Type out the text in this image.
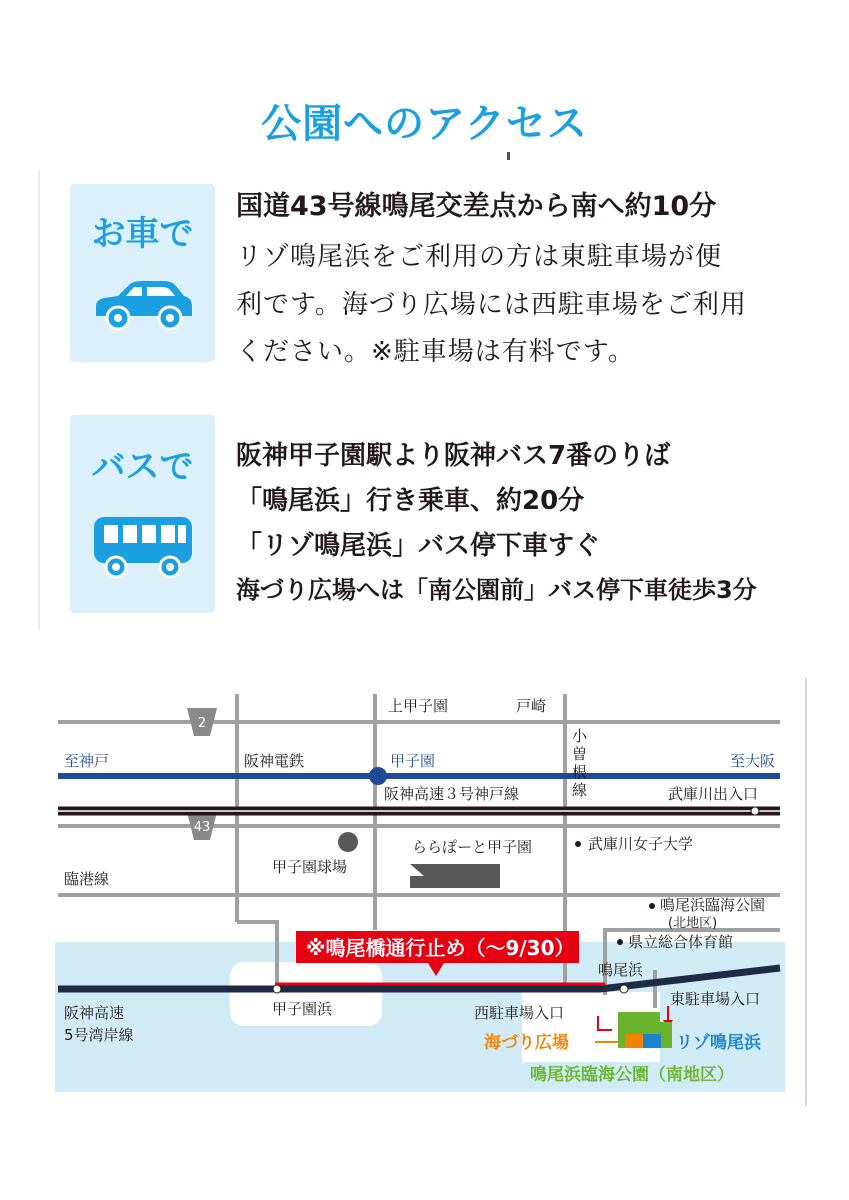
公園へのアクセス
お車で
国道43号線鳴尾交差点から南へ約10分
リゾ鳴尾浜をご利用の方は東駐車場が便
利です。海づり広場には西駐車場をご利用
ください。※駐車場は有料です。
バスで	阪神甲子園駅より阪神バス7番のりば
「鳴尾浜」行き乗車、約20分
「リゾ鳴尾浜」バス停下車すぐ
海づり広場へは「南公園前」バス停下車徒歩3分
2
43
※鳴尾橋通行止め（〜9/30）
上甲子園	戸崎
至神戸	阪神電鉄	甲子園	至大阪
阪神高速３号神戸線	武庫川出入口
甲子園球場
ららぽーと甲子園	武庫川女子大学
臨港線
鳴尾浜臨海公園
(北地区)
県立総合体育館
鳴尾浜
阪神高速
5号湾岸線
甲子園浜	西駐車場入口
東駐車場入口
海づり広場	リゾ鳴尾浜
鳴尾浜臨海公園（南地区）
小曽根線
